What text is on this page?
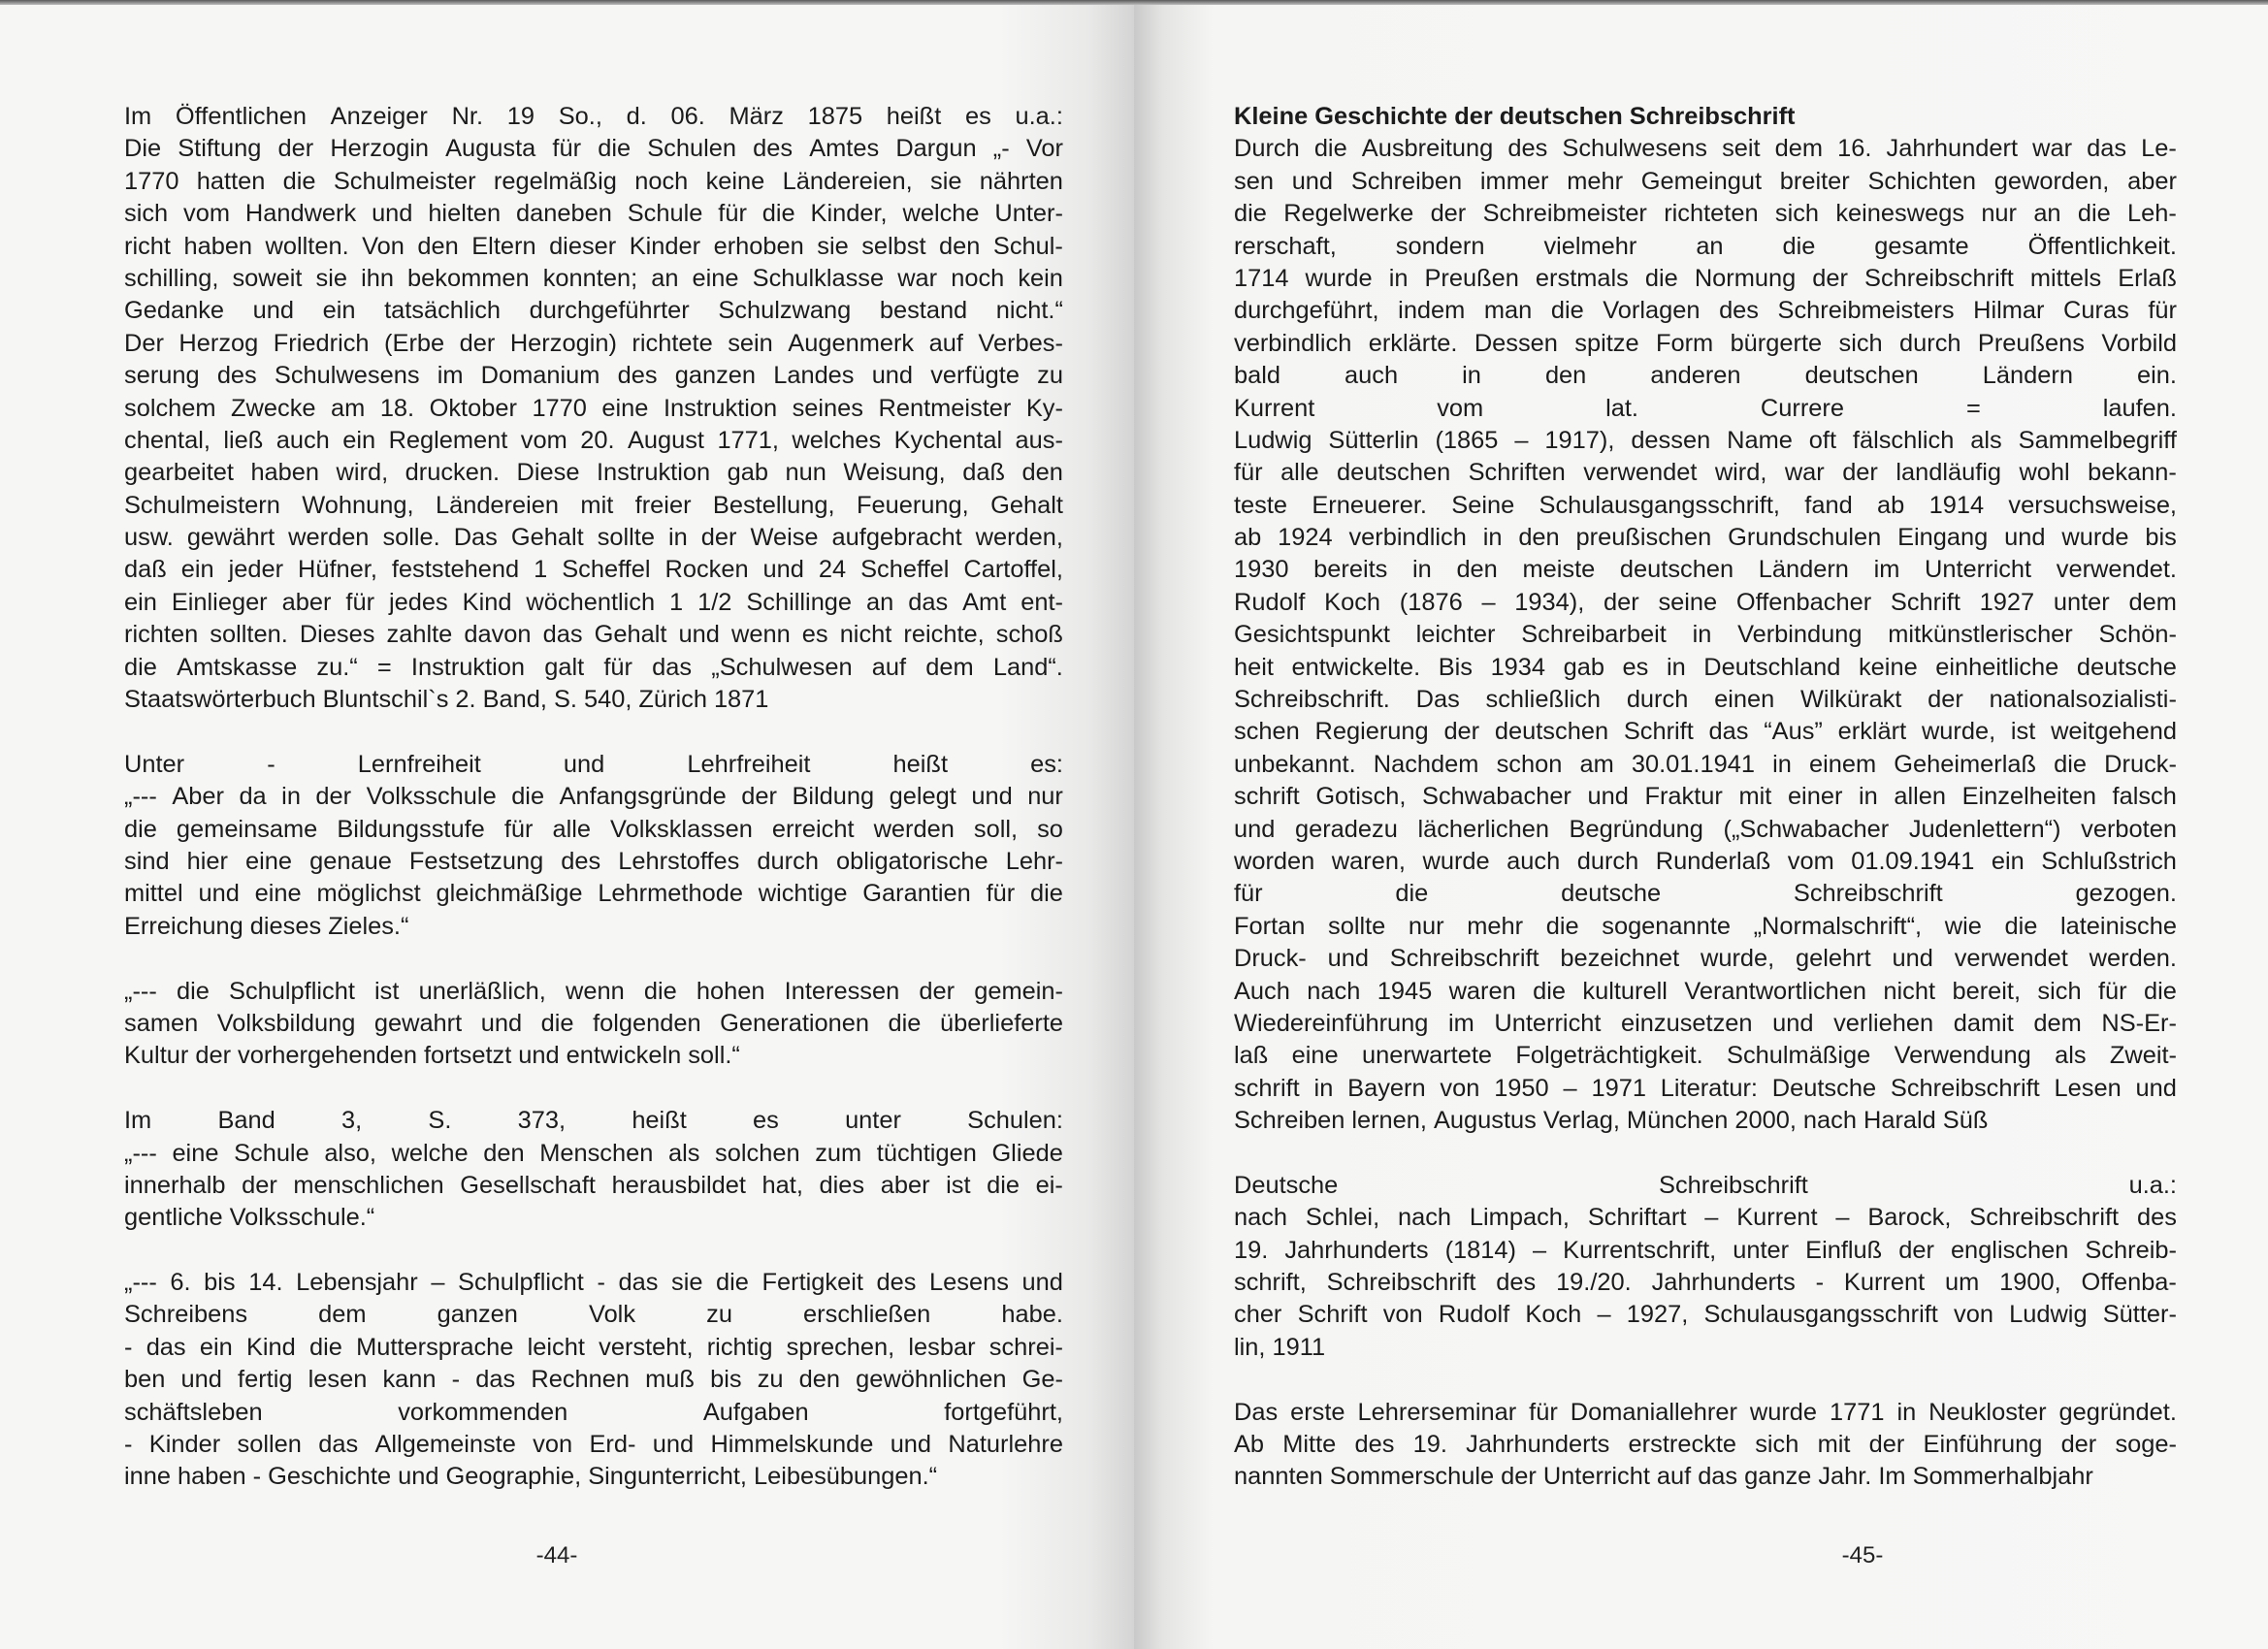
Im Öffentlichen Anzeiger Nr. 19 So., d. 06. März 1875 heißt es u.a.:
Die Stiftung der Herzogin Augusta für die Schulen des Amtes Dargun „- Vor
1770 hatten die Schulmeister regelmäßig noch keine Ländereien, sie nährten
sich vom Handwerk und hielten daneben Schule für die Kinder, welche Unter-
richt haben wollten. Von den Eltern dieser Kinder erhoben sie selbst den Schul-
schilling, soweit sie ihn bekommen konnten; an eine Schulklasse war noch kein
Gedanke und ein tatsächlich durchgeführter Schulzwang bestand nicht.“
Der Herzog Friedrich (Erbe der Herzogin) richtete sein Augenmerk auf Verbes-
serung des Schulwesens im Domanium des ganzen Landes und verfügte zu
solchem Zwecke am 18. Oktober 1770 eine Instruktion seines Rentmeister Ky-
chental, ließ auch ein Reglement vom 20. August 1771, welches Kychental aus-
gearbeitet haben wird, drucken. Diese Instruktion gab nun Weisung, daß den
Schulmeistern Wohnung, Ländereien mit freier Bestellung, Feuerung, Gehalt
usw. gewährt werden solle. Das Gehalt sollte in der Weise aufgebracht werden,
daß ein jeder Hüfner, feststehend 1 Scheffel Rocken und 24 Scheffel Cartoffel,
ein Einlieger aber für jedes Kind wöchentlich 1 1/2 Schillinge an das Amt ent-
richten sollten. Dieses zahlte davon das Gehalt und wenn es nicht reichte, schoß
die Amtskasse zu.“ = Instruktion galt für das „Schulwesen auf dem Land“.
Staatswörterbuch Bluntschil`s 2. Band, S. 540, Zürich 1871
Unter	-	Lernfreiheit	und	Lehrfreiheit	heißt	es:
„--- Aber da in der Volksschule die Anfangsgründe der Bildung gelegt und nur
die gemeinsame Bildungsstufe für alle Volksklassen erreicht werden soll, so
sind hier eine genaue Festsetzung des Lehrstoffes durch obligatorische Lehr-
mittel und eine möglichst gleichmäßige Lehrmethode wichtige Garantien für die
Erreichung dieses Zieles.“
„--- die Schulpflicht ist unerläßlich, wenn die hohen Interessen der gemein-
samen Volksbildung gewahrt und die folgenden Generationen die überlieferte
Kultur der vorhergehenden fortsetzt und entwickeln soll.“
Im	Band	3,	S.	373,	heißt	es	unter	Schulen:
„--- eine Schule also, welche den Menschen als solchen zum tüchtigen Gliede
innerhalb der menschlichen Gesellschaft herausbildet hat, dies aber ist die ei-
gentliche Volksschule.“
„--- 6. bis 14. Lebensjahr – Schulpflicht - das sie die Fertigkeit des Lesens und
Schreibens	dem	ganzen	Volk	zu	erschließen	habe.
- das ein Kind die Muttersprache leicht versteht, richtig sprechen, lesbar schrei-
ben und fertig lesen kann - das Rechnen muß bis zu den gewöhnlichen Ge-
schäftsleben	vorkommenden	Aufgaben	fortgeführt,
- Kinder sollen das Allgemeinste von Erd- und Himmelskunde und Naturlehre
inne haben - Geschichte und Geographie, Singunterricht, Leibesübungen.“
-44-
Kleine Geschichte der deutschen Schreibschrift
Durch die Ausbreitung des Schulwesens seit dem 16. Jahrhundert war das Le-
sen und Schreiben immer mehr Gemeingut breiter Schichten geworden, aber
die Regelwerke der Schreibmeister richteten sich keineswegs nur an die Leh-
rerschaft, sondern vielmehr an die gesamte Öffentlichkeit.
1714 wurde in Preußen erstmals die Normung der Schreibschrift mittels Erlaß
durchgeführt, indem man die Vorlagen des Schreibmeisters Hilmar Curas für
verbindlich erklärte. Dessen spitze Form bürgerte sich durch Preußens Vorbild
bald	auch	in	den	anderen	deutschen	Ländern	ein.
Kurrent	vom	lat.	Currere	=	laufen.
Ludwig Sütterlin (1865 – 1917), dessen Name oft fälschlich als Sammelbegriff
für alle deutschen Schriften verwendet wird, war der landläufig wohl bekann-
teste Erneuerer. Seine Schulausgangsschrift, fand ab 1914 versuchsweise,
ab 1924 verbindlich in den preußischen Grundschulen Eingang und wurde bis
1930 bereits in den meiste deutschen Ländern im Unterricht verwendet.
Rudolf Koch (1876 – 1934), der seine Offenbacher Schrift 1927 unter dem
Gesichtspunkt leichter Schreibarbeit in Verbindung mitkünstlerischer Schön-
heit entwickelte. Bis 1934 gab es in Deutschland keine einheitliche deutsche
Schreibschrift. Das schließlich durch einen Wilkürakt der nationalsozialisti-
schen Regierung der deutschen Schrift das “Aus” erklärt wurde, ist weitgehend
unbekannt. Nachdem schon am 30.01.1941 in einem Geheimerlaß die Druck-
schrift Gotisch, Schwabacher und Fraktur mit einer in allen Einzelheiten falsch
und geradezu lächerlichen Begründung („Schwabacher Judenlettern“) verboten
worden waren, wurde auch durch Runderlaß vom 01.09.1941 ein Schlußstrich
für	die	deutsche	Schreibschrift	gezogen.
Fortan sollte nur mehr die sogenannte „Normalschrift“, wie die lateinische
Druck- und Schreibschrift bezeichnet wurde, gelehrt und verwendet werden.
Auch nach 1945 waren die kulturell Verantwortlichen nicht bereit, sich für die
Wiedereinführung im Unterricht einzusetzen und verliehen damit dem NS-Er-
laß eine unerwartete Folgeträchtigkeit. Schulmäßige Verwendung als Zweit-
schrift in Bayern von 1950 – 1971 Literatur: Deutsche Schreibschrift Lesen und
Schreiben lernen, Augustus Verlag, München 2000, nach Harald Süß
Deutsche	Schreibschrift	u.a.:
nach Schlei, nach Limpach, Schriftart – Kurrent – Barock, Schreibschrift des
19. Jahrhunderts (1814) – Kurrentschrift, unter Einfluß der englischen Schreib-
schrift, Schreibschrift des 19./20. Jahrhunderts - Kurrent um 1900, Offenba-
cher Schrift von Rudolf Koch – 1927, Schulausgangsschrift von Ludwig Sütter-
lin, 1911
Das erste Lehrerseminar für Domaniallehrer wurde 1771 in Neukloster gegründet.
Ab Mitte des 19. Jahrhunderts erstreckte sich mit der Einführung der soge-
nannten Sommerschule der Unterricht auf das ganze Jahr. Im Sommerhalbjahr
-45-
